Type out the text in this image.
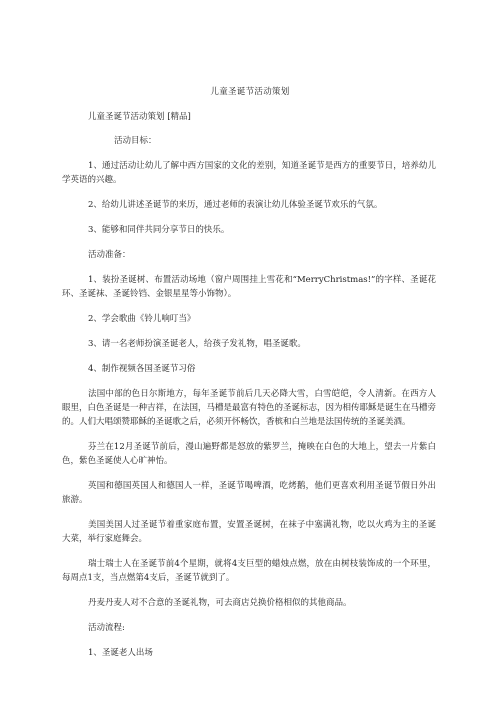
儿童圣诞节活动策划

儿童圣诞节活动策划 [精品]

活动目标：

1、通过活动让幼儿了解中西方国家的文化的差别，知道圣诞节是西方的重要节日，培养幼儿学英语的兴趣。

2、给幼儿讲述圣诞节的来历，通过老师的表演让幼儿体验圣诞节欢乐的气氛。

3、能够和同伴共同分享节日的快乐。

活动准备：

1、装扮圣诞树、布置活动场地（窗户周围挂上雪花和“MerryChristmas!”的字样、圣诞花环、圣诞袜、圣诞铃铛、金银星星等小饰物）。

2、学会歌曲《铃儿响叮当》

3、请一名老师扮演圣诞老人，给孩子发礼物，唱圣诞歌。

4、制作视频各国圣诞节习俗

法国中部的色日尔斯地方，每年圣诞节前后几天必降大雪，白雪皑皑，令人清新。在西方人眼里，白色圣诞是一种吉祥，在法国，马槽是最富有特色的圣诞标志，因为相传耶稣是诞生在马槽旁的。人们大唱颂赞耶稣的圣诞歌之后，必须开怀畅饮，香槟和白兰地是法国传统的圣诞美酒。

芬兰在12月圣诞节前后，漫山遍野都是怒放的紫罗兰，掩映在白色的大地上，望去一片紫白色，紫色圣诞使人心旷神怡。

英国和德国英国人和德国人一样，圣诞节喝啤酒，吃烤鹅，他们更喜欢利用圣诞节假日外出旅游。

美国美国人过圣诞节着重家庭布置，安置圣诞树，在袜子中塞满礼物，吃以火鸡为主的圣诞大菜，举行家庭舞会。

瑞士瑞士人在圣诞节前4个星期，就将4支巨型的蜡烛点燃，放在由树枝装饰成的一个环里，每周点1支，当点燃第4支后，圣诞节就到了。

丹麦丹麦人对不合意的圣诞礼物，可去商店兑换价格相似的其他商品。

活动流程:

1、圣诞老人出场
